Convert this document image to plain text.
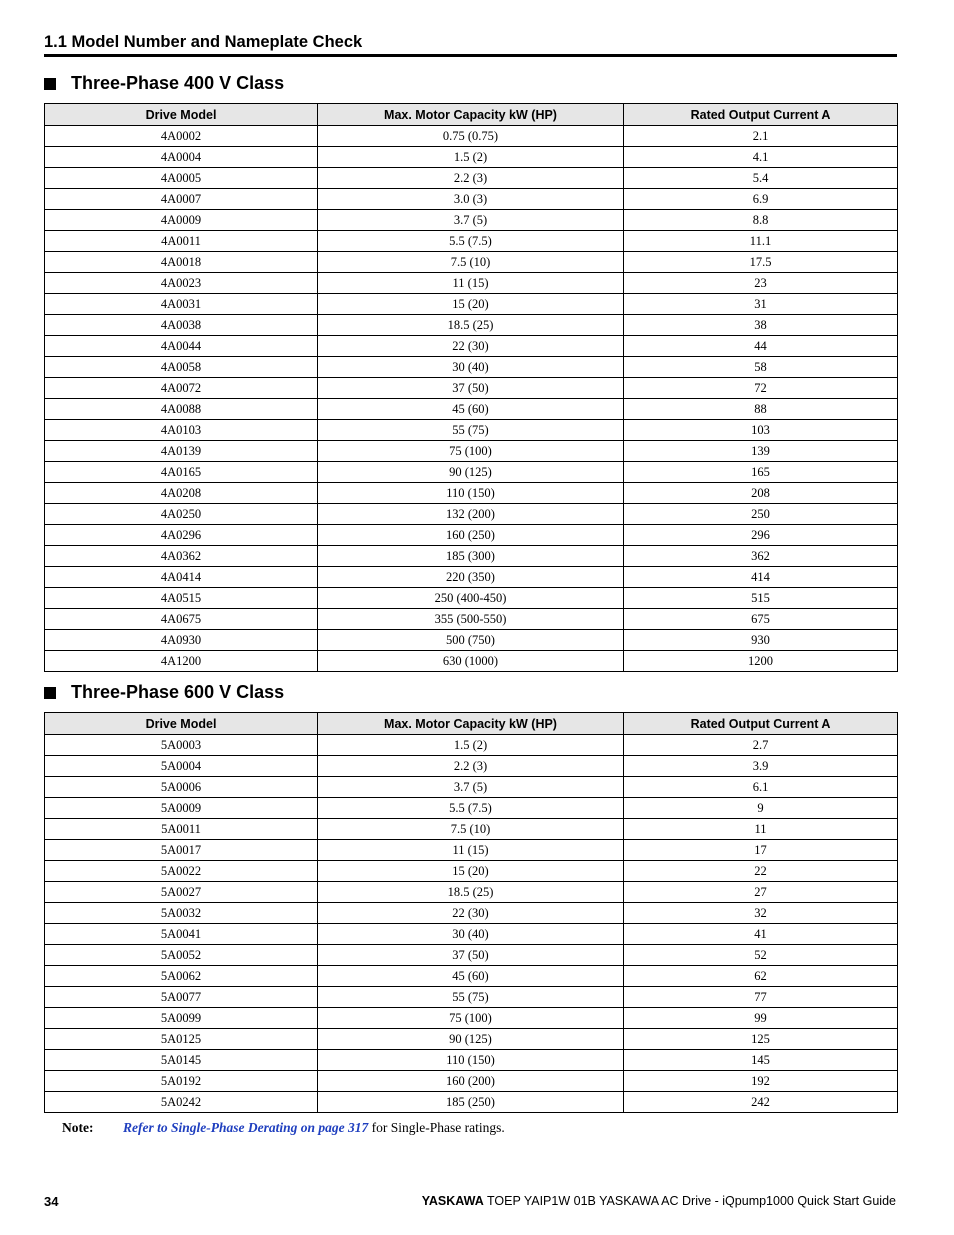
1.1 Model Number and Nameplate Check
Three-Phase 400 V Class
Drive Model	Max. Motor Capacity kW (HP)	Rated Output Current A
4A0002	0.75 (0.75)	2.1
4A0004	1.5 (2)	4.1
4A0005	2.2 (3)	5.4
4A0007	3.0 (3)	6.9
4A0009	3.7 (5)	8.8
4A0011	5.5 (7.5)	11.1
4A0018	7.5 (10)	17.5
4A0023	11 (15)	23
4A0031	15 (20)	31
4A0038	18.5 (25)	38
4A0044	22 (30)	44
4A0058	30 (40)	58
4A0072	37 (50)	72
4A0088	45 (60)	88
4A0103	55 (75)	103
4A0139	75 (100)	139
4A0165	90 (125)	165
4A0208	110 (150)	208
4A0250	132 (200)	250
4A0296	160 (250)	296
4A0362	185 (300)	362
4A0414	220 (350)	414
4A0515	250 (400-450)	515
4A0675	355 (500-550)	675
4A0930	500 (750)	930
4A1200	630 (1000)	1200
Three-Phase 600 V Class
Drive Model	Max. Motor Capacity kW (HP)	Rated Output Current A
5A0003	1.5 (2)	2.7
5A0004	2.2 (3)	3.9
5A0006	3.7 (5)	6.1
5A0009	5.5 (7.5)	9
5A0011	7.5 (10)	11
5A0017	11 (15)	17
5A0022	15 (20)	22
5A0027	18.5 (25)	27
5A0032	22 (30)	32
5A0041	30 (40)	41
5A0052	37 (50)	52
5A0062	45 (60)	62
5A0077	55 (75)	77
5A0099	75 (100)	99
5A0125	90 (125)	125
5A0145	110 (150)	145
5A0192	160 (200)	192
5A0242	185 (250)	242
Note: Refer to Single-Phase Derating on page 317 for Single-Phase ratings.
34	YASKAWA TOEP YAIP1W 01B YASKAWA AC Drive - iQpump1000 Quick Start Guide
